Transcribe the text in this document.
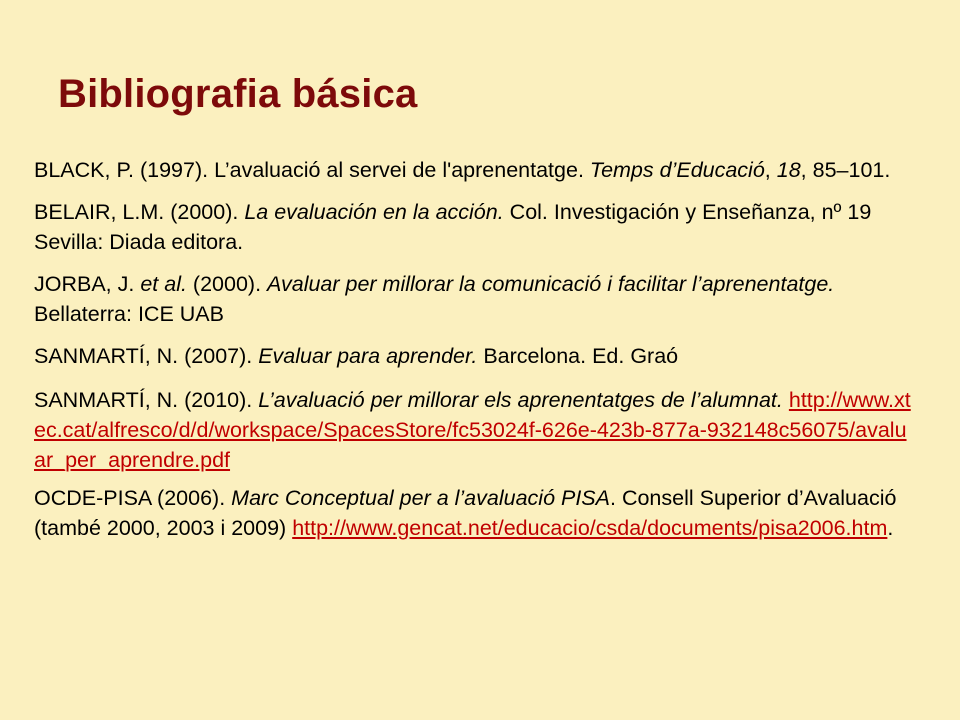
Bibliografia básica

BLACK, P. (1997). L’avaluació al servei de l'aprenentatge. Temps d’Educació, 18, 85–101.

BELAIR, L.M. (2000). La evaluación en la acción. Col. Investigación y Enseñanza, nº 19 Sevilla: Diada editora.

JORBA, J. et al. (2000). Avaluar per millorar la comunicació i facilitar l’aprenentatge. Bellaterra: ICE UAB

SANMARTÍ, N. (2007). Evaluar para aprender. Barcelona. Ed. Graó

SANMARTÍ, N. (2010). L’avaluació per millorar els aprenentatges de l’alumnat. http://www.xtec.cat/alfresco/d/d/workspace/SpacesStore/fc53024f-626e-423b-877a-932148c56075/avaluar_per_aprendre.pdf

OCDE-PISA (2006). Marc Conceptual per a l’avaluació PISA. Consell Superior d’Avaluació (també 2000, 2003 i 2009) http://www.gencat.net/educacio/csda/documents/pisa2006.htm.
